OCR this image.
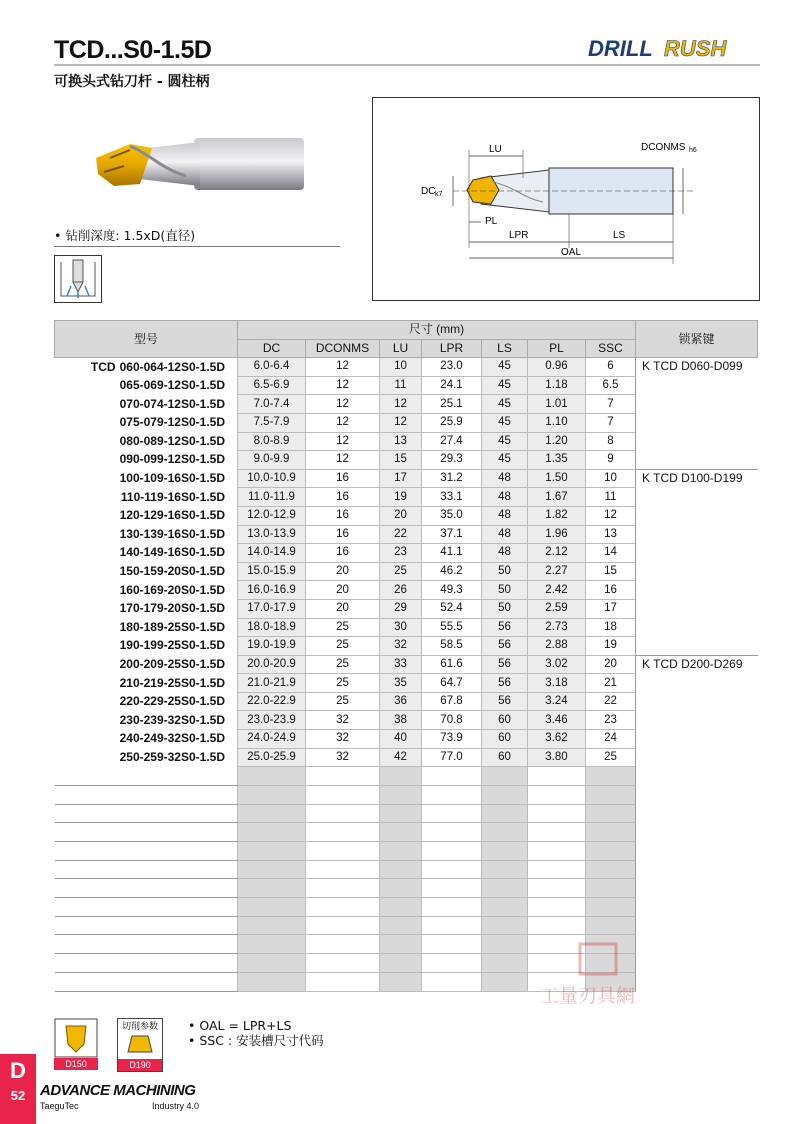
TCD...S0-1.5D
可换头式钻刀杆 - 圆柱柄
DRILL RUSH
• 钻削深度: 1.5xD(直径)
LU
DC k7
DCONMS h6
PL
LPR	LS
OAL
型号	尺寸 (mm)							锁紧键
	DC	DCONMS	LU	LPR	LS	PL	SSC	
TCD 060-064-12S0-1.5D	6.0-6.4	12	10	23.0	45	0.96	6	K TCD D060-D099
065-069-12S0-1.5D	6.5-6.9	12	11	24.1	45	1.18	6.5	
070-074-12S0-1.5D	7.0-7.4	12	12	25.1	45	1.01	7	
075-079-12S0-1.5D	7.5-7.9	12	12	25.9	45	1.10	7	
080-089-12S0-1.5D	8.0-8.9	12	13	27.4	45	1.20	8	
090-099-12S0-1.5D	9.0-9.9	12	15	29.3	45	1.35	9	
100-109-16S0-1.5D	10.0-10.9	16	17	31.2	48	1.50	10	K TCD D100-D199
110-119-16S0-1.5D	11.0-11.9	16	19	33.1	48	1.67	11	
120-129-16S0-1.5D	12.0-12.9	16	20	35.0	48	1.82	12	
130-139-16S0-1.5D	13.0-13.9	16	22	37.1	48	1.96	13	
140-149-16S0-1.5D	14.0-14.9	16	23	41.1	48	2.12	14	
150-159-20S0-1.5D	15.0-15.9	20	25	46.2	50	2.27	15	
160-169-20S0-1.5D	16.0-16.9	20	26	49.3	50	2.42	16	
170-179-20S0-1.5D	17.0-17.9	20	29	52.4	50	2.59	17	
180-189-25S0-1.5D	18.0-18.9	25	30	55.5	56	2.73	18	
190-199-25S0-1.5D	19.0-19.9	25	32	58.5	56	2.88	19	
200-209-25S0-1.5D	20.0-20.9	25	33	61.6	56	3.02	20	K TCD D200-D269
210-219-25S0-1.5D	21.0-21.9	25	35	64.7	56	3.18	21	
220-229-25S0-1.5D	22.0-22.9	25	36	67.8	56	3.24	22	
230-239-32S0-1.5D	23.0-23.9	32	38	70.8	60	3.46	23	
240-249-32S0-1.5D	24.0-24.9	32	40	73.9	60	3.62	24	
250-259-32S0-1.5D	25.0-25.9	32	42	77.0	60	3.80	25	

D150
切削参数
D190
• OAL = LPR+LS
• SSC : 安装槽尺寸代码
工量刃具網
D
52 ADVANCE MACHINING
TaeguTec	Industry 4.0
